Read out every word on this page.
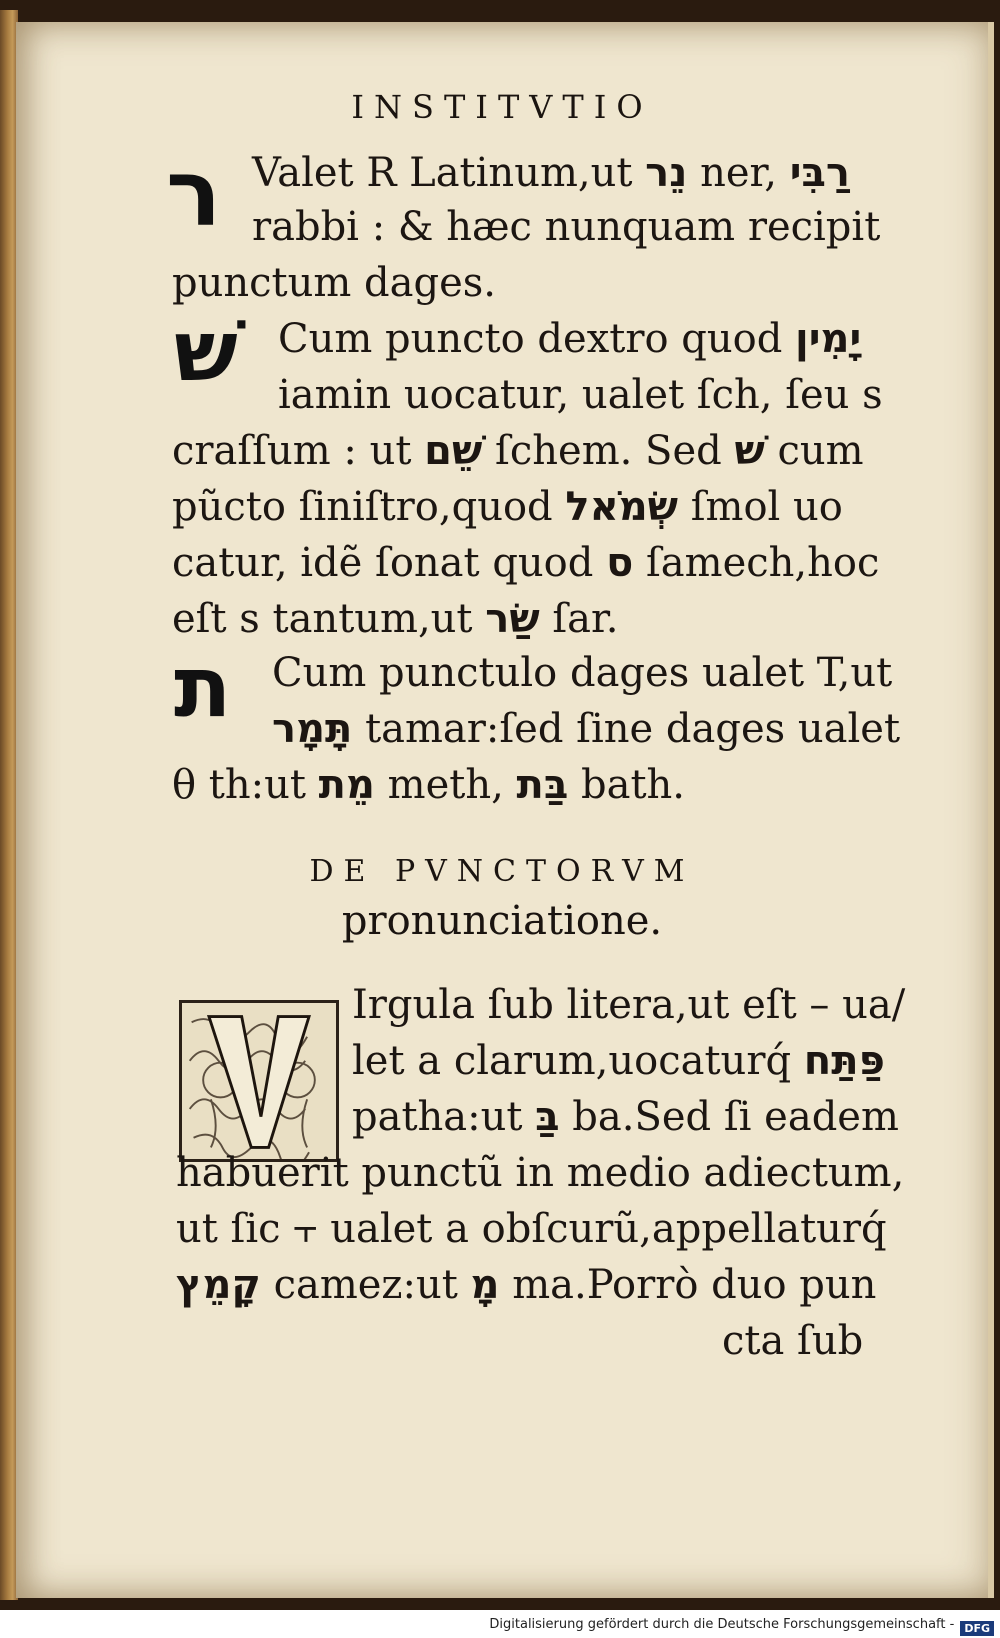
INSTITVTIO
ר Valet R Latinum,ut נֵר ner, רַבִּי
rabbi : & hæc nunquam recipit
punctum dages.
שׁ Cum puncto dextro quod יָמִין
iamin uocatur, ualet ſch, ſeu s
craſſum : ut שֵׁם ſchem. Sed שׁ cum
pũcto ſiniſtro,quod שְׂמֹאל ſmol uo
catur, idẽ ſonat quod ס ſamech,hoc
eſt s tantum,ut שַׂר ſar.
ת Cum punctulo dages ualet T,ut
תָּמָר tamar:ſed ſine dages ualet
θ th:ut מֵת meth, בַּת bath.
DE PVNCTORVM
pronunciatione.
Irgula ſub litera,ut eſt – ua/
let a clarum,uocaturq́ פַּתַּח
patha:ut בַּ ba.Sed ſi eadem
habuerit punctũ in medio adiectum,
ut ſic ⫟ ualet a obſcurũ,appellaturq́
קָמֵץ camez:ut מָ ma.Porrò duo pun
cta ſub
Digitalisierung gefördert durch die Deutsche Forschungsgemeinschaft - DFG
